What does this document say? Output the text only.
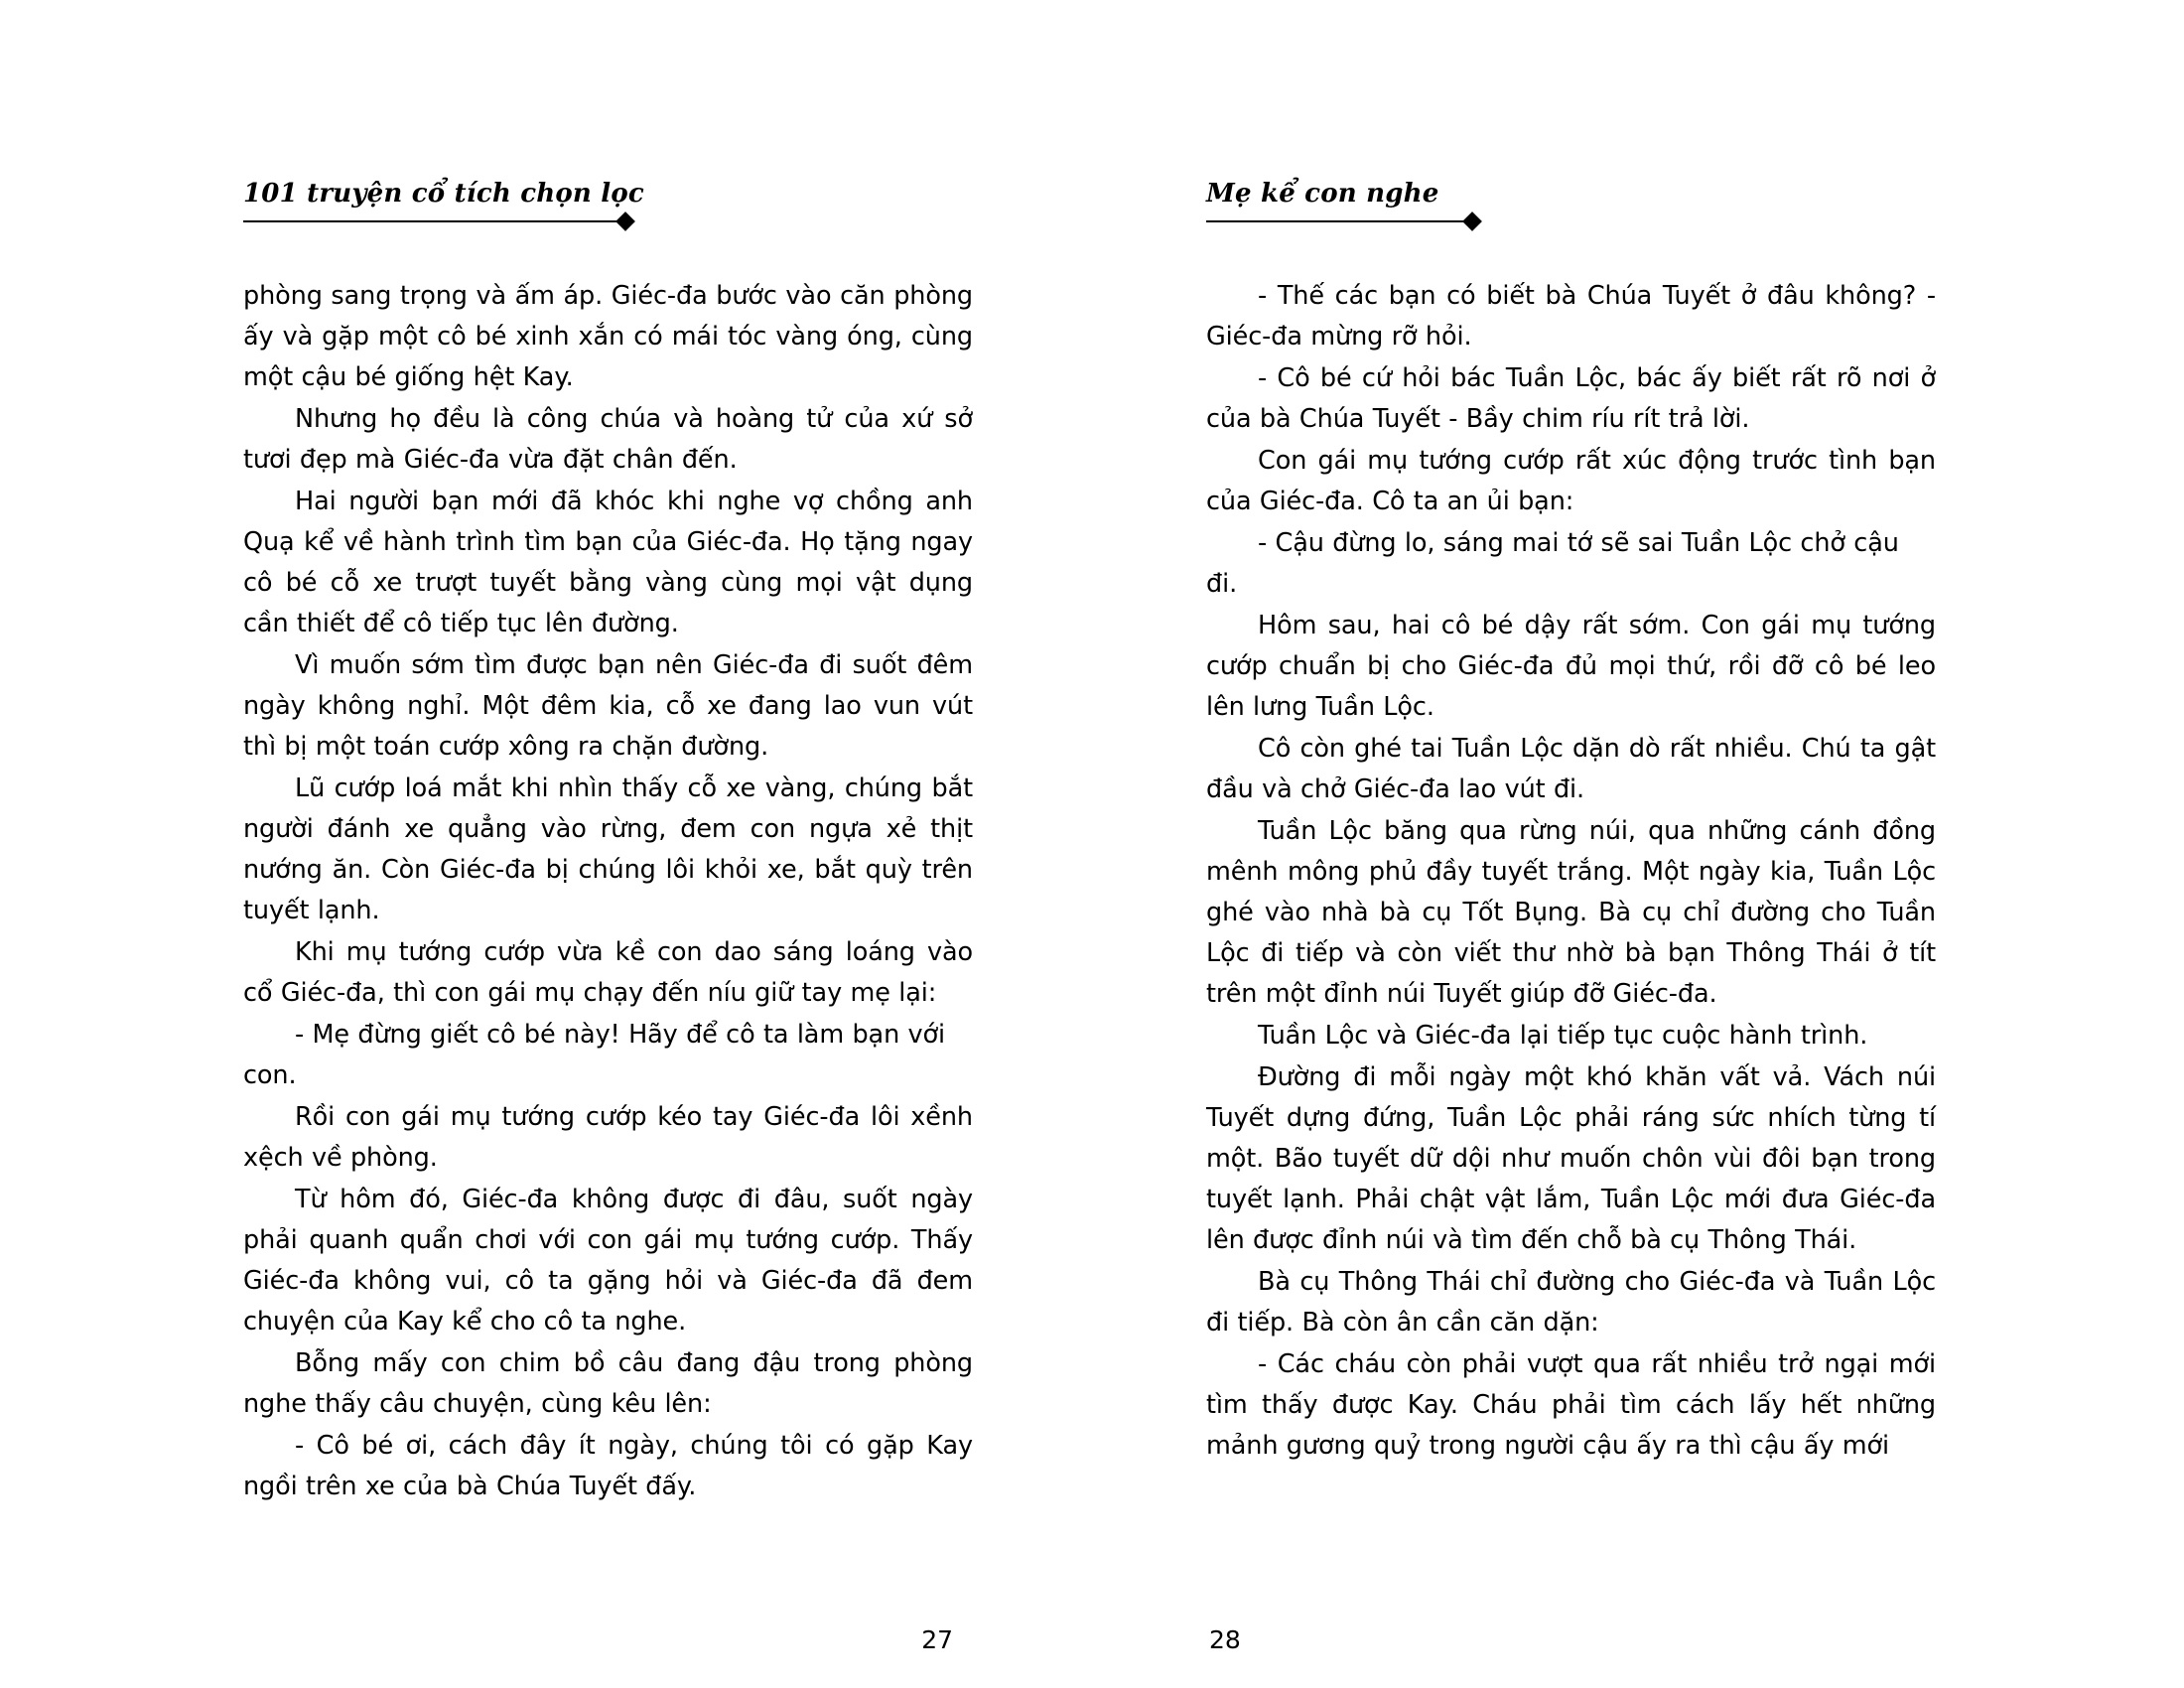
101 truyện cổ tích chọn lọc

phòng sang trọng và ấm áp. Giéc-đa bước vào căn phòng ấy và gặp một cô bé xinh xắn có mái tóc vàng óng, cùng một cậu bé giống hệt Kay.

Nhưng họ đều là công chúa và hoàng tử của xứ sở tươi đẹp mà Giéc-đa vừa đặt chân đến.

Hai người bạn mới đã khóc khi nghe vợ chồng anh Quạ kể về hành trình tìm bạn của Giéc-đa. Họ tặng ngay cô bé cỗ xe trượt tuyết bằng vàng cùng mọi vật dụng cần thiết để cô tiếp tục lên đường.

Vì muốn sớm tìm được bạn nên Giéc-đa đi suốt đêm ngày không nghỉ. Một đêm kia, cỗ xe đang lao vun vút thì bị một toán cướp xông ra chặn đường.

Lũ cướp loá mắt khi nhìn thấy cỗ xe vàng, chúng bắt người đánh xe quẳng vào rừng, đem con ngựa xẻ thịt nướng ăn. Còn Giéc-đa bị chúng lôi khỏi xe, bắt quỳ trên tuyết lạnh.

Khi mụ tướng cướp vừa kề con dao sáng loáng vào cổ Giéc-đa, thì con gái mụ chạy đến níu giữ tay mẹ lại:

- Mẹ đừng giết cô bé này! Hãy để cô ta làm bạn với con.

Rồi con gái mụ tướng cướp kéo tay Giéc-đa lôi xềnh xệch về phòng.

Từ hôm đó, Giéc-đa không được đi đâu, suốt ngày phải quanh quẩn chơi với con gái mụ tướng cướp. Thấy Giéc-đa không vui, cô ta gặng hỏi và Giéc-đa đã đem chuyện của Kay kể cho cô ta nghe.

Bỗng mấy con chim bồ câu đang đậu trong phòng nghe thấy câu chuyện, cùng kêu lên:

- Cô bé ơi, cách đây ít ngày, chúng tôi có gặp Kay ngồi trên xe của bà Chúa Tuyết đấy.

27
Mẹ kể con nghe

- Thế các bạn có biết bà Chúa Tuyết ở đâu không? - Giéc-đa mừng rỡ hỏi.

- Cô bé cứ hỏi bác Tuần Lộc, bác ấy biết rất rõ nơi ở của bà Chúa Tuyết - Bầy chim ríu rít trả lời.

Con gái mụ tướng cướp rất xúc động trước tình bạn của Giéc-đa. Cô ta an ủi bạn:

- Cậu đừng lo, sáng mai tớ sẽ sai Tuần Lộc chở cậu đi.

Hôm sau, hai cô bé dậy rất sớm. Con gái mụ tướng cướp chuẩn bị cho Giéc-đa đủ mọi thứ, rồi đỡ cô bé leo lên lưng Tuần Lộc.

Cô còn ghé tai Tuần Lộc dặn dò rất nhiều. Chú ta gật đầu và chở Giéc-đa lao vút đi.

Tuần Lộc băng qua rừng núi, qua những cánh đồng mênh mông phủ đầy tuyết trắng. Một ngày kia, Tuần Lộc ghé vào nhà bà cụ Tốt Bụng. Bà cụ chỉ đường cho Tuần Lộc đi tiếp và còn viết thư nhờ bà bạn Thông Thái ở tít trên một đỉnh núi Tuyết giúp đỡ Giéc-đa.

Tuần Lộc và Giéc-đa lại tiếp tục cuộc hành trình.

Đường đi mỗi ngày một khó khăn vất vả. Vách núi Tuyết dựng đứng, Tuần Lộc phải ráng sức nhích từng tí một. Bão tuyết dữ dội như muốn chôn vùi đôi bạn trong tuyết lạnh. Phải chật vật lắm, Tuần Lộc mới đưa Giéc-đa lên được đỉnh núi và tìm đến chỗ bà cụ Thông Thái.

Bà cụ Thông Thái chỉ đường cho Giéc-đa và Tuần Lộc đi tiếp. Bà còn ân cần căn dặn:

- Các cháu còn phải vượt qua rất nhiều trở ngại mới tìm thấy được Kay. Cháu phải tìm cách lấy hết những mảnh gương quỷ trong người cậu ấy ra thì cậu ấy mới

28
